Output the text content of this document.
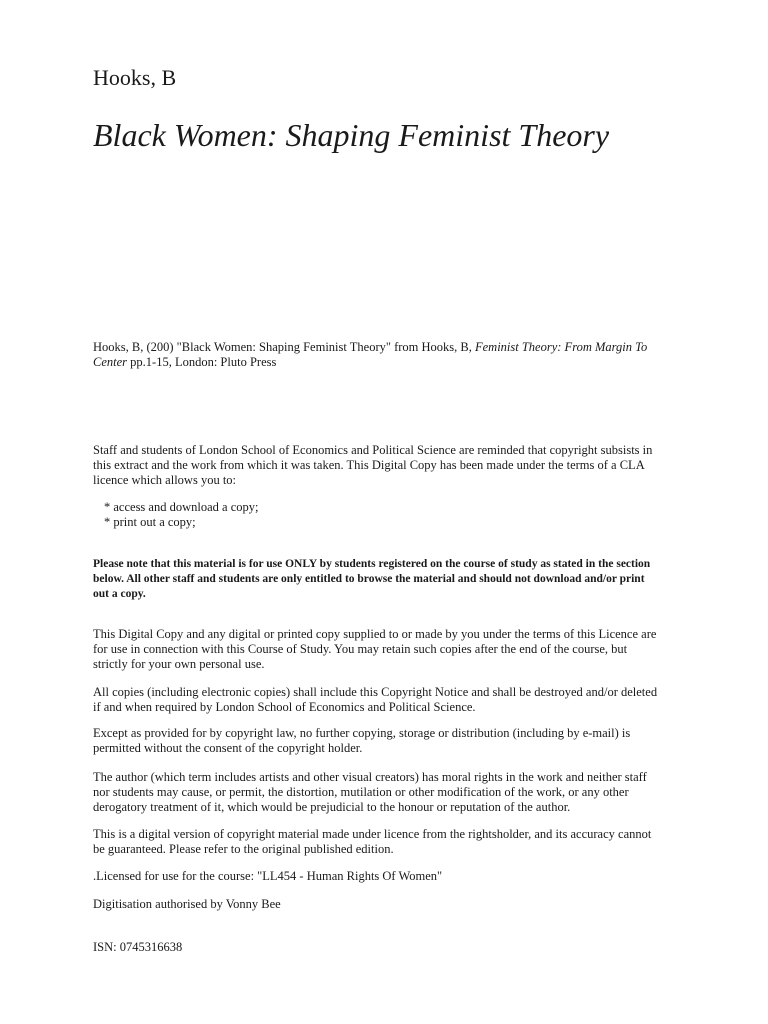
Hooks, B
Black Women: Shaping Feminist Theory

Hooks, B, (200) "Black Women: Shaping Feminist Theory" from Hooks, B, Feminist Theory: From Margin To Center pp.1-15, London: Pluto Press

Staff and students of London School of Economics and Political Science are reminded that copyright subsists in this extract and the work from which it was taken. This Digital Copy has been made under the terms of a CLA licence which allows you to:

* access and download a copy;
* print out a copy;

Please note that this material is for use ONLY by students registered on the course of study as stated in the section below. All other staff and students are only entitled to browse the material and should not download and/or print out a copy.

This Digital Copy and any digital or printed copy supplied to or made by you under the terms of this Licence are for use in connection with this Course of Study. You may retain such copies after the end of the course, but strictly for your own personal use.

All copies (including electronic copies) shall include this Copyright Notice and shall be destroyed and/or deleted if and when required by London School of Economics and Political Science.

Except as provided for by copyright law, no further copying, storage or distribution (including by e-mail) is permitted without the consent of the copyright holder.

The author (which term includes artists and other visual creators) has moral rights in the work and neither staff nor students may cause, or permit, the distortion, mutilation or other modification of the work, or any other derogatory treatment of it, which would be prejudicial to the honour or reputation of the author.

This is a digital version of copyright material made under licence from the rightsholder, and its accuracy cannot be guaranteed. Please refer to the original published edition.

.Licensed for use for the course: "LL454 - Human Rights Of Women"

Digitisation authorised by Vonny Bee

ISN: 0745316638
